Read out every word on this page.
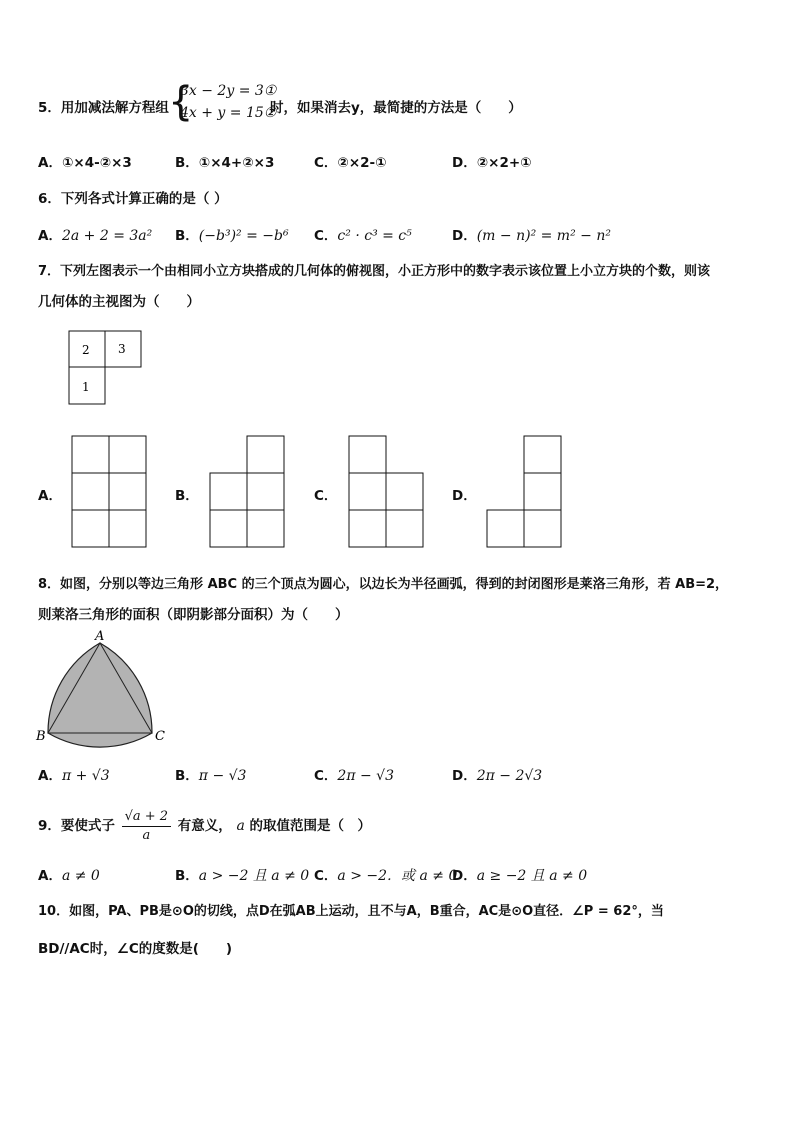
5．用加减法解方程组 {
3x − 2y = 3①
4x + y = 15②
时，如果消去y，最简捷的方法是（　　）
A．①×4-②×3	B．①×4+②×3	C．②×2-①	D．②×2+①
6．下列各式计算正确的是（ ）
A．2a + 2 = 3a² B．(−b³)² = −b⁶ C．c² · c³ = c⁵	D．(m − n)² = m² − n²
7．下列左图表示一个由相同小立方块搭成的几何体的俯视图，小正方形中的数字表示该位置上小立方块的个数，则该
几何体的主视图为（　　）
2 3
1
A．	B．	C．	D．
8．如图，分别以等边三角形 ABC 的三个顶点为圆心，以边长为半径画弧，得到的封闭图形是莱洛三角形，若 AB=2，
则莱洛三角形的面积（即阴影部分面积）为（　　）
A
B	C
A．π + √3	B．π − √3	C．2π − √3	D．2π − 2√3
9．要使式子 $\frac{√a + 2}{a}$ 有意义， a 的取值范围是（　）
A．a ≠ 0	B．a > −2 且 a ≠ 0 C．a > −2．或 a ≠ 0
D．a ≥ −2 且 a ≠ 0
10．如图，PA、PB是⊙O的切线，点D在弧AB上运动，且不与A，B重合，AC是⊙O直径．∠P = 62°，当
BD//AC时，∠C的度数是(　　)
